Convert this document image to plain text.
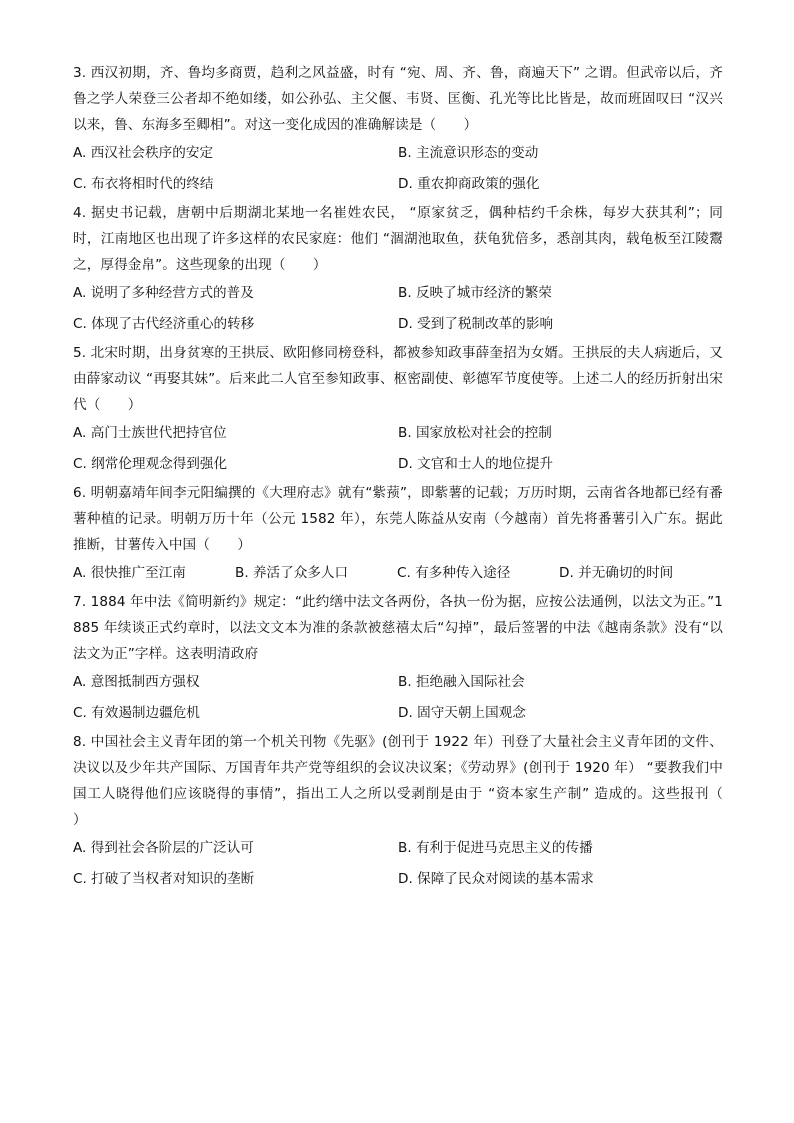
3. 西汉初期，齐、鲁均多商贾，趋利之风益盛，时有 “宛、周、齐、鲁，商遍天下” 之谓。但武帝以后，齐鲁之学人荣登三公者却不绝如缕，如公孙弘、主父偃、韦贤、匡衡、孔光等比比皆是，故而班固叹曰 “汉兴以来，鲁、东海多至卿相”。对这一变化成因的准确解读是（　　）

A. 西汉社会秩序的安定	B. 主流意识形态的变动
C. 布衣将相时代的终结	D. 重农抑商政策的强化

4. 据史书记载，唐朝中后期湖北某地一名崔姓农民， “原家贫乏，偶种桔约千余株，每岁大获其利”；同时，江南地区也出现了许多这样的农民家庭：他们 “涸湖池取鱼，获龟犹倍多，悉剖其肉，载龟板至江陵鬻之，厚得金帛”。这些现象的出现（　　）

A. 说明了多种经营方式的普及	B. 反映了城市经济的繁荣
C. 体现了古代经济重心的转移	D. 受到了税制改革的影响

5. 北宋时期，出身贫寒的王拱辰、欧阳修同榜登科，都被参知政事薛奎招为女婿。王拱辰的夫人病逝后，又由薛家动议 “再娶其妹”。后来此二人官至参知政事、枢密副使、彰德军节度使等。上述二人的经历折射出宋代（　　）

A. 高门士族世代把持官位	B. 国家放松对社会的控制
C. 纲常伦理观念得到强化	D. 文官和士人的地位提升

6. 明朝嘉靖年间李元阳编撰的《大理府志》就有“紫蓣”，即紫薯的记载；万历时期，云南省各地都已经有番薯种植的记录。明朝万历十年（公元 1582 年），东莞人陈益从安南（今越南）首先将番薯引入广东。据此推断，甘薯传入中国（　　）

A. 很快推广至江南	B. 养活了众多人口	C. 有多种传入途径	D. 并无确切的时间

7. 1884 年中法《简明新约》规定：“此约缮中法文各两份，各执一份为据，应按公法通例，以法文为正。”1885 年续谈正式约章时，以法文文本为准的条款被慈禧太后“勾掉”，最后签署的中法《越南条款》没有“以法文为正”字样。这表明清政府

A. 意图抵制西方强权	B. 拒绝融入国际社会
C. 有效遏制边疆危机	D. 固守天朝上国观念

8. 中国社会主义青年团的第一个机关刊物《先驱》(创刊于 1922 年）刊登了大量社会主义青年团的文件、决议以及少年共产国际、万国青年共产党等组织的会议决议案；《劳动界》(创刊于 1920 年） “要教我们中国工人晓得他们应该晓得的事情”，指出工人之所以受剥削是由于 “资本家生产制” 造成的。这些报刊（　　）

A. 得到社会各阶层的广泛认可	B. 有利于促进马克思主义的传播
C. 打破了当权者对知识的垄断	D. 保障了民众对阅读的基本需求
